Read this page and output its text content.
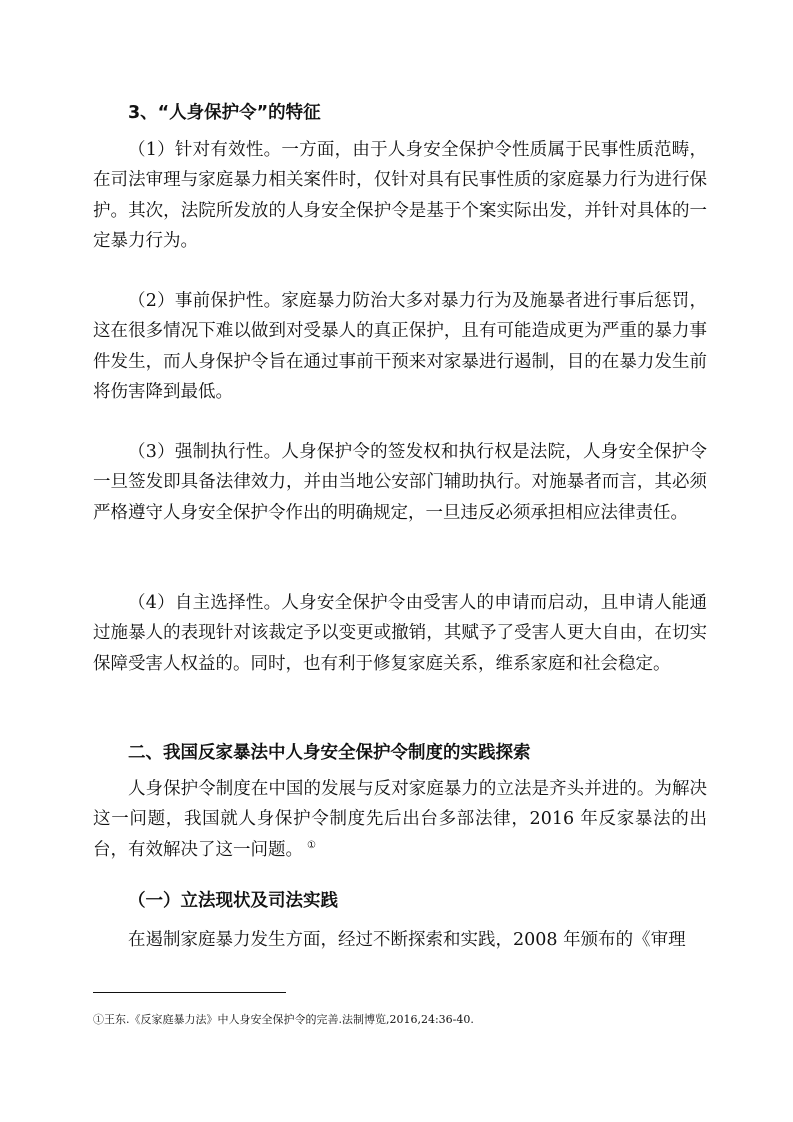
3、“人身保护令”的特征

（1）针对有效性。一方面，由于人身安全保护令性质属于民事性质范畴，在司法审理与家庭暴力相关案件时，仅针对具有民事性质的家庭暴力行为进行保护。其次，法院所发放的人身安全保护令是基于个案实际出发，并针对具体的一定暴力行为。

（2）事前保护性。家庭暴力防治大多对暴力行为及施暴者进行事后惩罚，这在很多情况下难以做到对受暴人的真正保护，且有可能造成更为严重的暴力事件发生，而人身保护令旨在通过事前干预来对家暴进行遏制，目的在暴力发生前将伤害降到最低。

（3）强制执行性。人身保护令的签发权和执行权是法院，人身安全保护令一旦签发即具备法律效力，并由当地公安部门辅助执行。对施暴者而言，其必须严格遵守人身安全保护令作出的明确规定，一旦违反必须承担相应法律责任。

（4）自主选择性。人身安全保护令由受害人的申请而启动，且申请人能通过施暴人的表现针对该裁定予以变更或撤销，其赋予了受害人更大自由，在切实保障受害人权益的。同时，也有利于修复家庭关系，维系家庭和社会稳定。

二、我国反家暴法中人身安全保护令制度的实践探索

人身保护令制度在中国的发展与反对家庭暴力的立法是齐头并进的。为解决这一问题，我国就人身保护令制度先后出台多部法律，2016 年反家暴法的出台，有效解决了这一问题。 ①

（一）立法现状及司法实践

在遏制家庭暴力发生方面，经过不断探索和实践，2008 年颁布的《审理

①王东.《反家庭暴力法》中人身安全保护令的完善.法制博览,2016,24:36-40.
